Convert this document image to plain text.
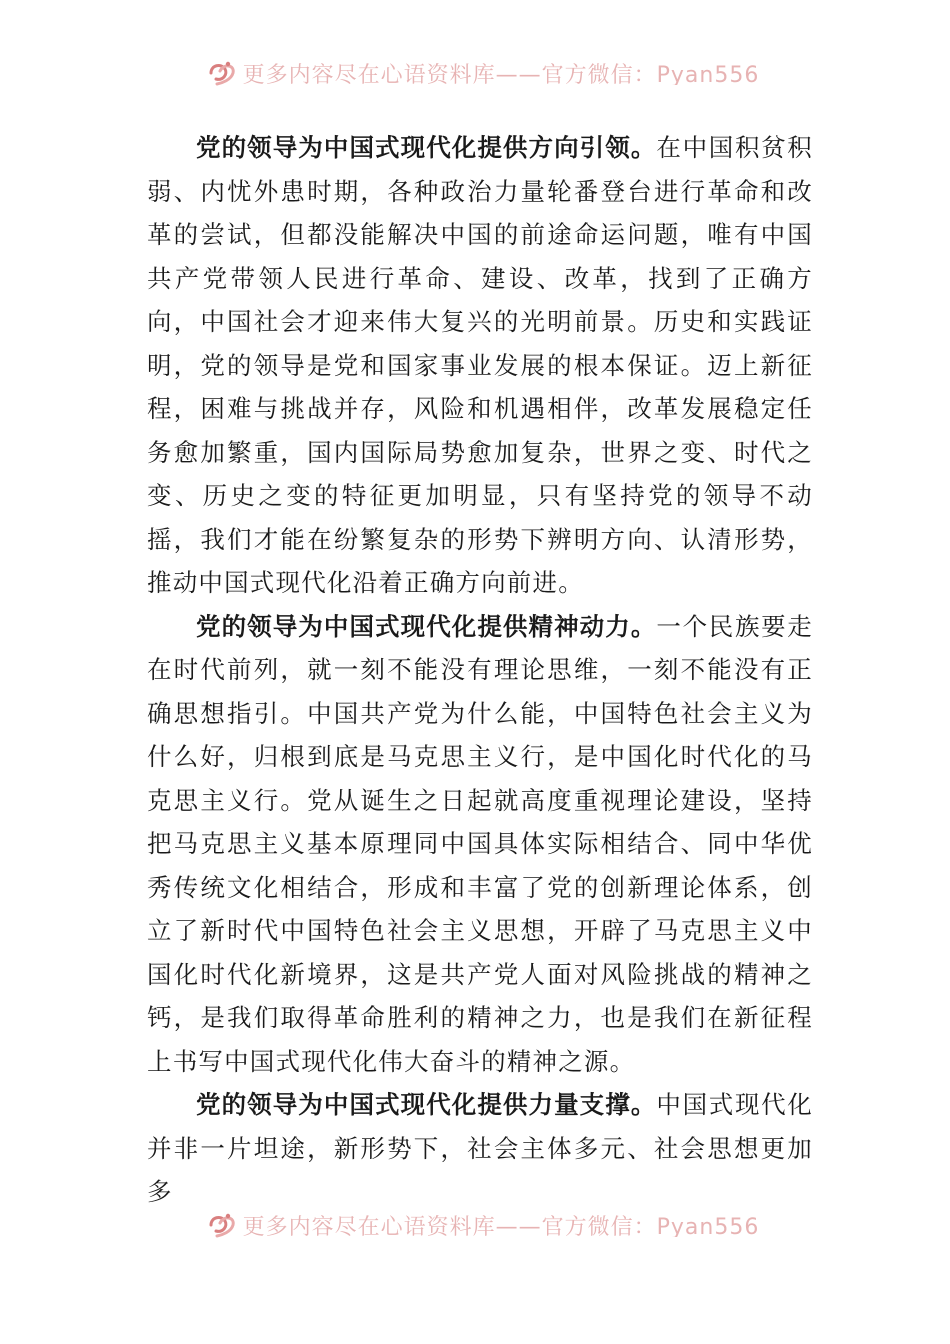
更多内容尽在心语资料库——官方微信：Pyan556

党的领导为中国式现代化提供方向引领。在中国积贫积弱、内忧外患时期，各种政治力量轮番登台进行革命和改革的尝试，但都没能解决中国的前途命运问题，唯有中国共产党带领人民进行革命、建设、改革，找到了正确方向，中国社会才迎来伟大复兴的光明前景。历史和实践证明，党的领导是党和国家事业发展的根本保证。迈上新征程，困难与挑战并存，风险和机遇相伴，改革发展稳定任务愈加繁重，国内国际局势愈加复杂，世界之变、时代之变、历史之变的特征更加明显，只有坚持党的领导不动摇，我们才能在纷繁复杂的形势下辨明方向、认清形势，推动中国式现代化沿着正确方向前进。

党的领导为中国式现代化提供精神动力。一个民族要走在时代前列，就一刻不能没有理论思维，一刻不能没有正确思想指引。中国共产党为什么能，中国特色社会主义为什么好，归根到底是马克思主义行，是中国化时代化的马克思主义行。党从诞生之日起就高度重视理论建设，坚持把马克思主义基本原理同中国具体实际相结合、同中华优秀传统文化相结合，形成和丰富了党的创新理论体系，创立了新时代中国特色社会主义思想，开辟了马克思主义中国化时代化新境界，这是共产党人面对风险挑战的精神之钙，是我们取得革命胜利的精神之力，也是我们在新征程上书写中国式现代化伟大奋斗的精神之源。

党的领导为中国式现代化提供力量支撑。中国式现代化并非一片坦途，新形势下，社会主体多元、社会思想更加多

更多内容尽在心语资料库——官方微信：Pyan556
